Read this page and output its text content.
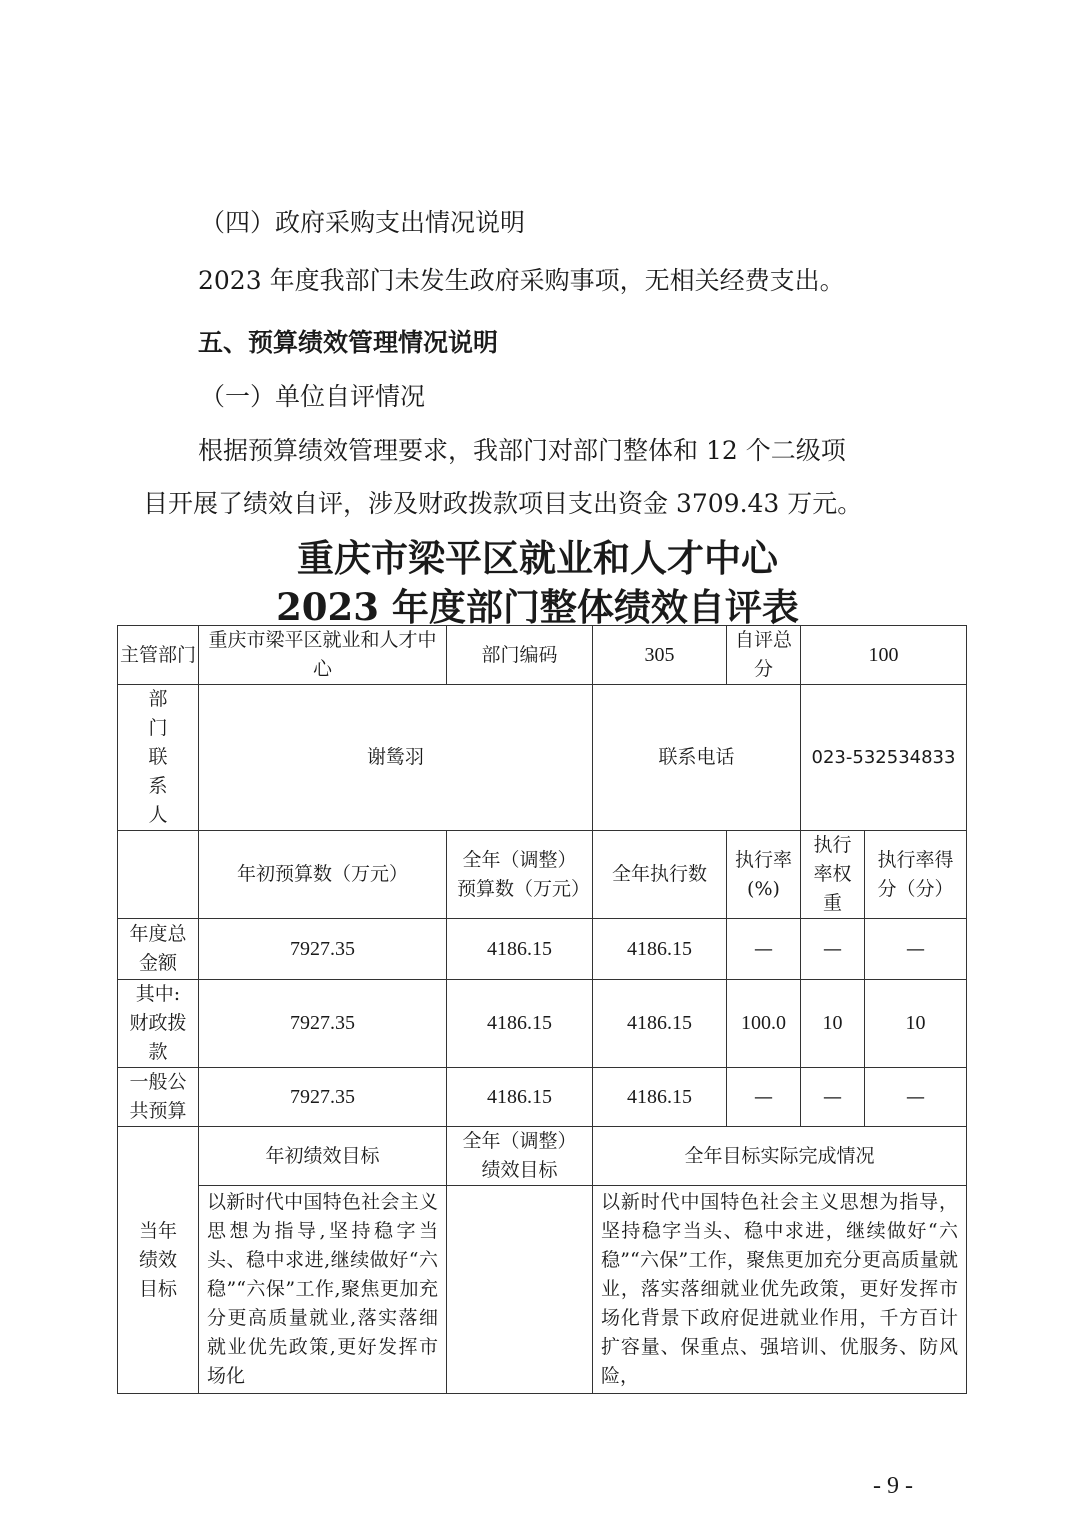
（四）政府采购支出情况说明
2023 年度我部门未发生政府采购事项，无相关经费支出。
五、预算绩效管理情况说明
（一）单位自评情况
根据预算绩效管理要求，我部门对部门整体和 12 个二级项
目开展了绩效自评，涉及财政拨款项目支出资金 3709.43 万元。
重庆市梁平区就业和人才中心
2023 年度部门整体绩效自评表
主管部门	重庆市梁平区就业和人才中心	部门编码	305	自评总分	100	
部门联系人	谢鸶羽		联系电话		023-532534833	
	年初预算数（万元）	全年（调整）预算数（万元）	全年执行数	执行率(%)	执行率权重	执行率得分（分）
年度总金额	7927.35	4186.15	4186.15	—	—	—
其中:财政拨款	7927.35	4186.15	4186.15	100.0	10	10
一般公共预算	7927.35	4186.15	4186.15	—	—	—
当年绩效目标	年初绩效目标	全年（调整）绩效目标	全年目标实际完成情况			
	以新时代中国特色社会主义思想为指导,坚持稳字当头、稳中求进,继续做好“六稳”“六保”工作,聚焦更加充分更高质量就业,落实落细就业优先政策,更好发挥市场化		以新时代中国特色社会主义思想为指导，坚持稳字当头、稳中求进，继续做好“六稳”“六保”工作，聚焦更加充分更高质量就业，落实落细就业优先政策，更好发挥市场化背景下政府促进就业作用，千方百计扩容量、保重点、强培训、优服务、防风险，			
- 9 -
